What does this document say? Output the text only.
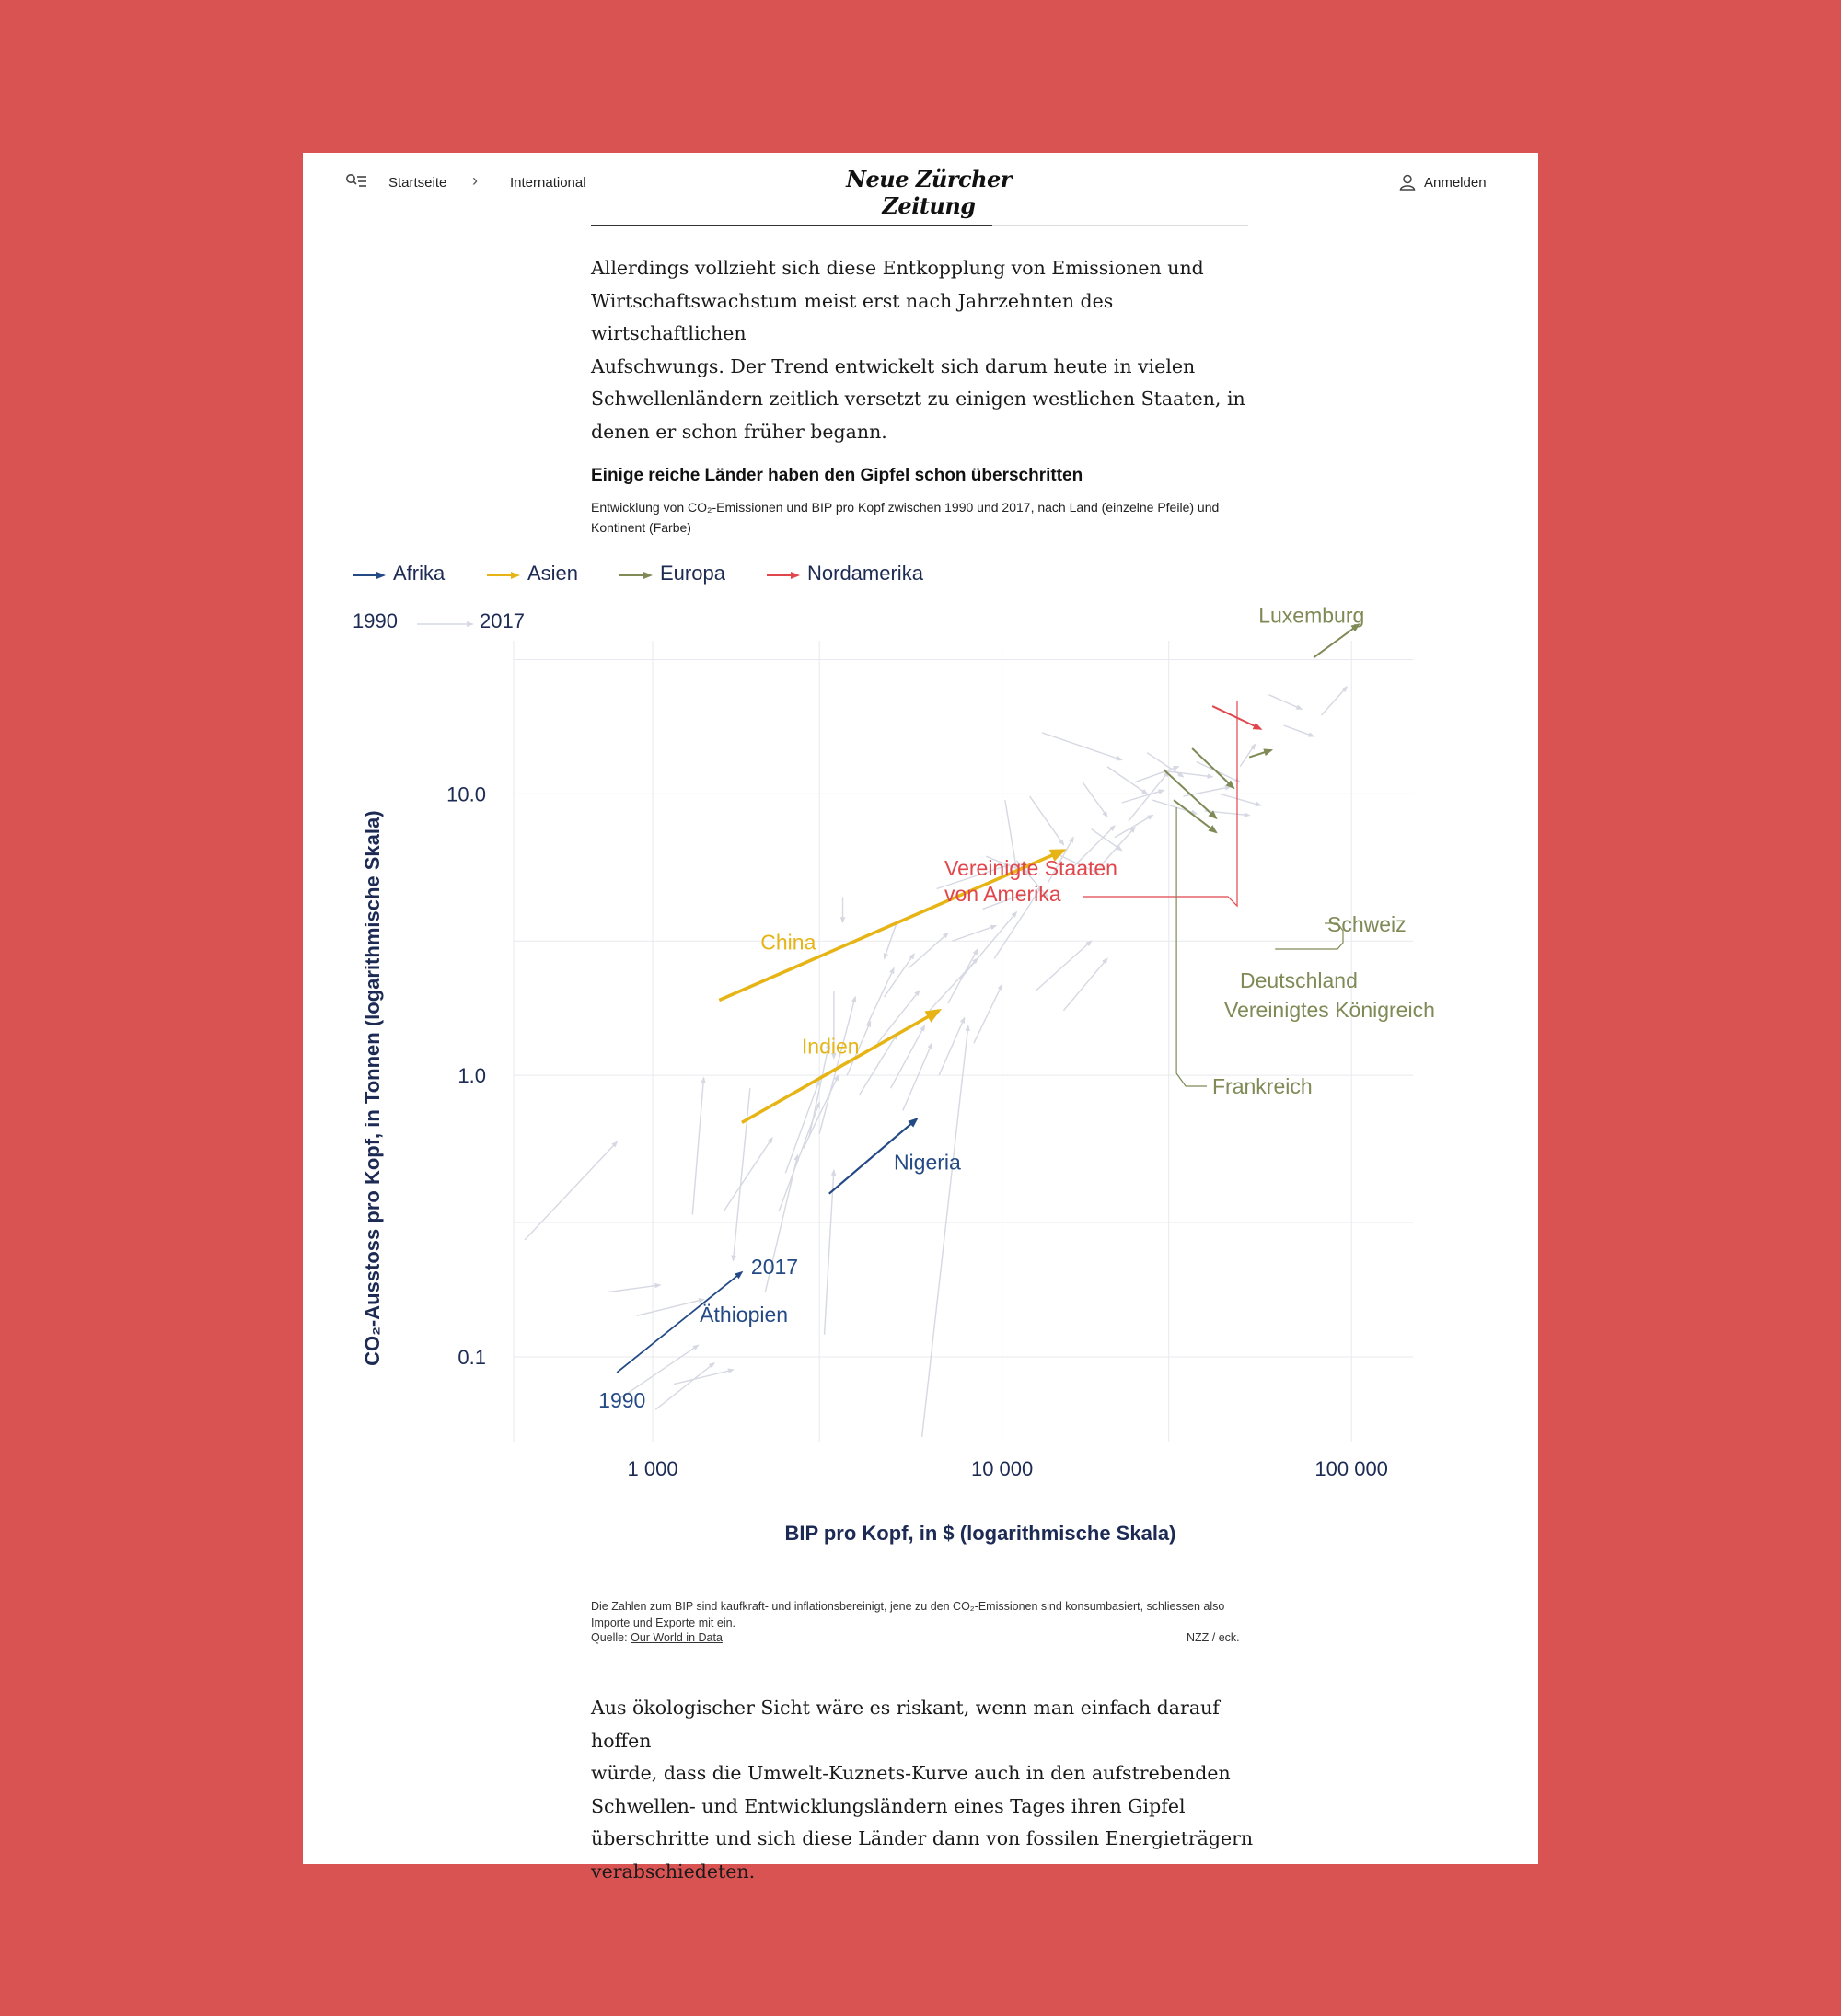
Startseite › International	Neue Zürcher Zeitung
Anmelden

Allerdings vollzieht sich diese Entkopplung von Emissionen und
Wirtschaftswachstum meist erst nach Jahrzehnten des wirtschaftlichen
Aufschwungs. Der Trend entwickelt sich darum heute in vielen
Schwellenländern zeitlich versetzt zu einigen westlichen Staaten, in
denen er schon früher begann.

Einige reiche Länder haben den Gipfel schon überschritten

Entwicklung von CO₂-Emissionen und BIP pro Kopf zwischen 1990 und 2017, nach Land (einzelne Pfeile) und Kontinent (Farbe)

Afrika	Asien	Europa	Nordamerika
1990	2017
China
Indien
Nigeria
Äthiopien
1990
2017
Vereinigte Staaten von Amerika
Luxemburg
Schweiz
Deutschland
Vereinigtes Königreich
Frankreich
0.1
1.0
10.0
1 000	10 000	100 000
BIP pro Kopf, in $ (logarithmische Skala)
CO₂-Ausstoss pro Kopf, in Tonnen (logarithmische Skala)

Die Zahlen zum BIP sind kaufkraft- und inflationsbereinigt, jene zu den CO₂-Emissionen sind konsumbasiert, schliessen also Importe und Exporte mit ein.

Quelle: Our World in Data	NZZ / eck.

Aus ökologischer Sicht wäre es riskant, wenn man einfach darauf hoffen
würde, dass die Umwelt-Kuznets-Kurve auch in den aufstrebenden
Schwellen- und Entwicklungsländern eines Tages ihren Gipfel
überschritte und sich diese Länder dann von fossilen Energieträgern
verabschiedeten.
